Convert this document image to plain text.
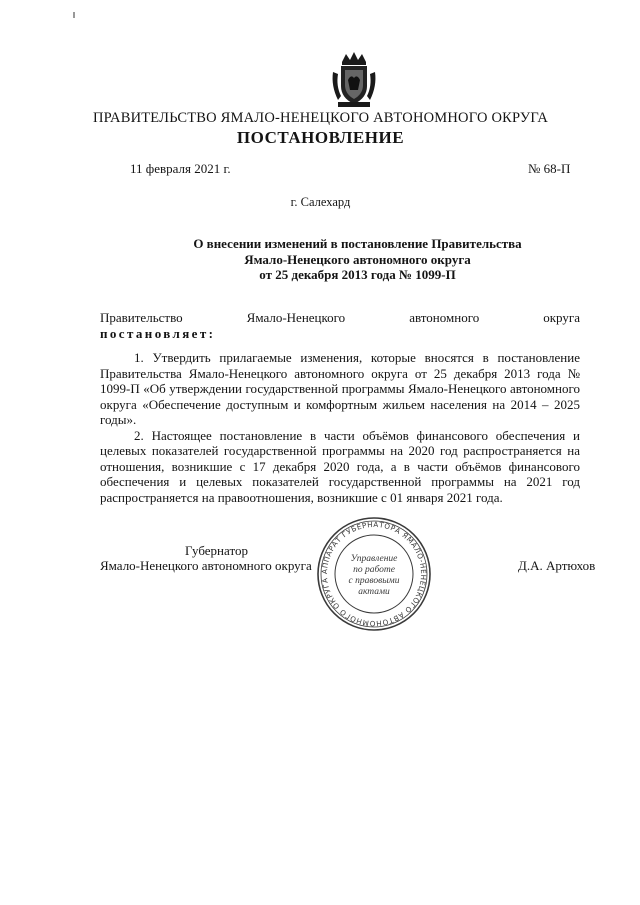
ПРАВИТЕЛЬСТВО ЯМАЛО-НЕНЕЦКОГО АВТОНОМНОГО ОКРУГА
ПОСТАНОВЛЕНИЕ
11 февраля 2021 г.	№ 68-П
г. Салехард
О внесении изменений в постановление Правительства
Ямало-Ненецкого автономного округа
от 25 декабря 2013 года № 1099-П
Правительство	Ямало-Ненецкого	автономного	округа
постановляет:

1. Утвердить прилагаемые изменения, которые вносятся в постановление Правительства Ямало-Ненецкого автономного округа от 25 декабря 2013 года № 1099-П «Об утверждении государственной программы Ямало-Ненецкого автономного округа «Обеспечение доступным и комфортным жильем населения на 2014 – 2025 годы».

2. Настоящее постановление в части объёмов финансового обеспечения и целевых показателей государственной программы на 2020 год распространяется на отношения, возникшие с 17 декабря 2020 года, а в части объёмов финансового обеспечения и целевых показателей государственной программы на 2021 год распространяется на правоотношения, возникшие с 01 января 2021 года.

АППАРАТ ГУБЕРНАТОРА ЯМАЛО-НЕНЕЦКОГО АВТОНОМНОГО ОКРУГА
Управление
по работе
с правовыми
актами
Губернатор
Ямало-Ненецкого автономного округа	Д.А. Артюхов
